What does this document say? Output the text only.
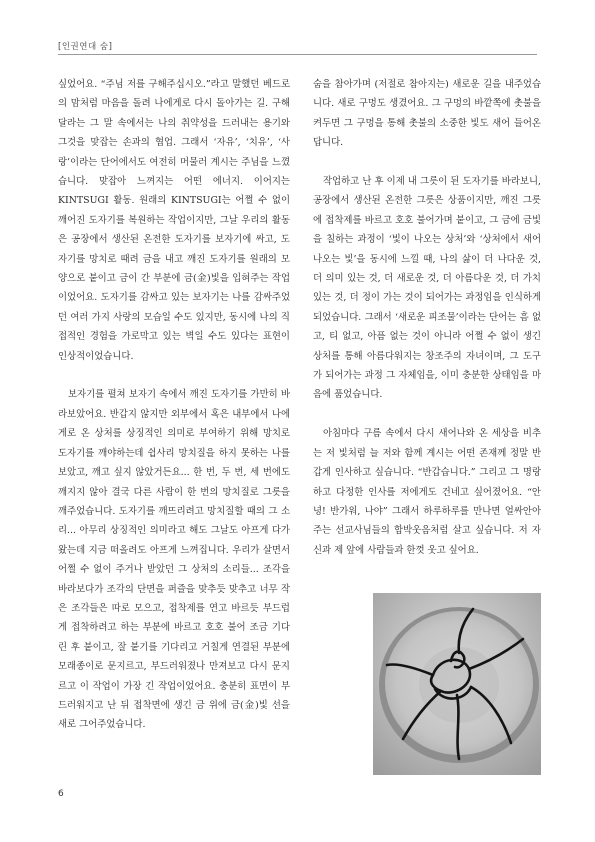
[인권연대 숨]

싶었어요. “주님 저를 구해주십시오.”라고 말했던 베드로의 맘처럼 마음을 돌려 나에게로 다시 돌아가는 길. 구해 달라는 그 말 속에서는 나의 취약성을 드러내는 용기와 그것을 맞잡는 손과의 협업. 그래서 ‘자유’, ‘치유’, ‘사랑’이라는 단어에서도 여전히 머물러 계시는 주님을 느꼈습니다. 맞잡아 느껴지는 어떤 에너지. 이어지는 KINTSUGI 활동. 원래의 KINTSUGI는 어쩔 수 없이 깨어진 도자기를 복원하는 작업이지만, 그날 우리의 활동은 공장에서 생산된 온전한 도자기를 보자기에 싸고, 도자기를 망치로 때려 금을 내고 깨진 도자기를 원래의 모양으로 붙이고 금이 간 부분에 금(金)빛을 입혀주는 작업이었어요. 도자기를 감싸고 있는 보자기는 나를 감싸주었던 여러 가지 사랑의 모습일 수도 있지만, 동시에 나의 직접적인 경험을 가로막고 있는 벽일 수도 있다는 표현이 인상적이었습니다.

보자기를 펼쳐 보자기 속에서 깨진 도자기를 가만히 바라보았어요. 반갑지 않지만 외부에서 혹은 내부에서 나에게로 온 상처를 상징적인 의미로 부여하기 위해 망치로 도자기를 깨야하는데 쉽사리 망치질을 하지 못하는 나를 보았고, 깨고 싶지 않았거든요... 한 번, 두 번, 세 번에도 깨지지 않아 결국 다른 사람이 한 번의 망치질로 그릇을 깨주었습니다. 도자기를 깨뜨리려고 망치질할 때의 그 소리... 아무리 상징적인 의미라고 해도 그날도 아프게 다가왔는데 지금 떠올려도 아프게 느껴집니다. 우리가 살면서 어쩔 수 없이 주거나 받았던 그 상처의 소리들... 조각을 바라보다가 조각의 단면을 퍼즐을 맞추듯 맞추고 너무 작은 조각들은 따로 모으고, 접착제를 연고 바르듯 부드럽게 접착하려고 하는 부분에 바르고 호호 불어 조금 기다린 후 붙이고, 잘 붙기를 기다리고 거칠게 연결된 부분에 모래종이로 문지르고, 부드러워졌나 만져보고 다시 문지르고 이 작업이 가장 긴 작업이었어요. 충분히 표면이 부드러워지고 난 뒤 접착면에 생긴 금 위에 금(金)빛 선을 새로 그어주었습니다.

숨을 참아가며 (저절로 참아지는) 새로운 길을 내주었습니다. 새로 구멍도 생겼어요. 그 구멍의 바깥쪽에 촛불을 켜두면 그 구멍을 통해 촛불의 소중한 빛도 새어 들어온답니다.

작업하고 난 후 이제 내 그릇이 된 도자기를 바라보니, 공장에서 생산된 온전한 그릇은 상품이지만, 깨진 그릇에 접착제를 바르고 호호 불어가며 붙이고, 그 금에 금빛을 칠하는 과정이 ‘빛이 나오는 상처’와 ‘상처에서 새어나오는 빛’을 동시에 느낄 때, 나의 삶이 더 나다운 것, 더 의미 있는 것, 더 새로운 것, 더 아름다운 것, 더 가치 있는 것, 더 정이 가는 것이 되어가는 과정임을 인식하게 되었습니다. 그래서 ‘새로운 피조물’이라는 단어는 흠 없고, 티 없고, 아픔 없는 것이 아니라 어쩔 수 없이 생긴 상처를 통해 아름다워지는 창조주의 자녀이며, 그 도구가 되어가는 과정 그 자체임을, 이미 충분한 상태임을 마음에 품었습니다.

아침마다 구름 속에서 다시 새어나와 온 세상을 비추는 저 빛처럼 늘 저와 함께 계시는 어떤 존재께 정말 반갑게 인사하고 싶습니다. “반갑습니다.” 그리고 그 명랑하고 다정한 인사를 저에게도 건네고 싶어졌어요. “안녕! 반가워, 나야” 그래서 하루하루를 만나면 얼싸안아주는 선교사님들의 합박웃음처럼 살고 싶습니다. 저 자신과 제 앞에 사람들과 한껏 웃고 싶어요.

6
